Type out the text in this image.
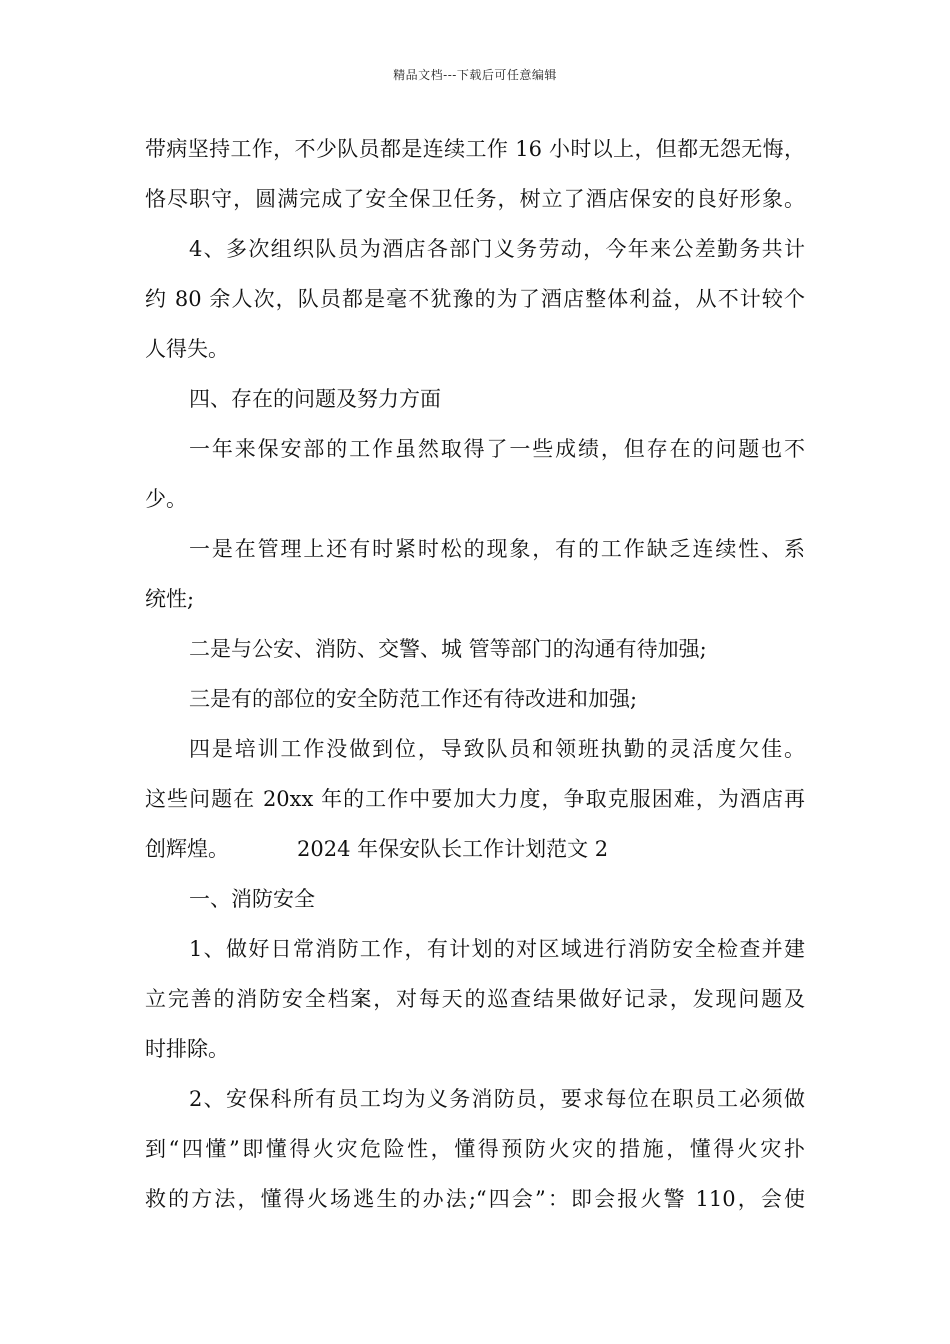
精品文档---下载后可任意编辑
带病坚持工作，不少队员都是连续工作 16 小时以上，但都无怨无悔，
恪尽职守，圆满完成了安全保卫任务，树立了酒店保安的良好形象。
4、多次组织队员为酒店各部门义务劳动，今年来公差勤务共计
约 80 余人次，队员都是毫不犹豫的为了酒店整体利益，从不计较个
人得失。
四、存在的问题及努力方面
一年来保安部的工作虽然取得了一些成绩，但存在的问题也不
少。
一是在管理上还有时紧时松的现象，有的工作缺乏连续性、系
统性;
二是与公安、消防、交警、城 管等部门的沟通有待加强;
三是有的部位的安全防范工作还有待改进和加强;
四是培训工作没做到位，导致队员和领班执勤的灵活度欠佳。
这些问题在 20xx 年的工作中要加大力度，争取克服困难，为酒店再
创辉煌。	2024 年保安队长工作计划范文 2
一、消防安全
1、做好日常消防工作，有计划的对区域进行消防安全检查并建
立完善的消防安全档案，对每天的巡查结果做好记录，发现问题及
时排除。
2、安保科所有员工均为义务消防员，要求每位在职员工必须做
到“四懂”即懂得火灾危险性，懂得预防火灾的措施，懂得火灾扑
救的方法，懂得火场逃生的办法;“四会”：即会报火警 110，会使
